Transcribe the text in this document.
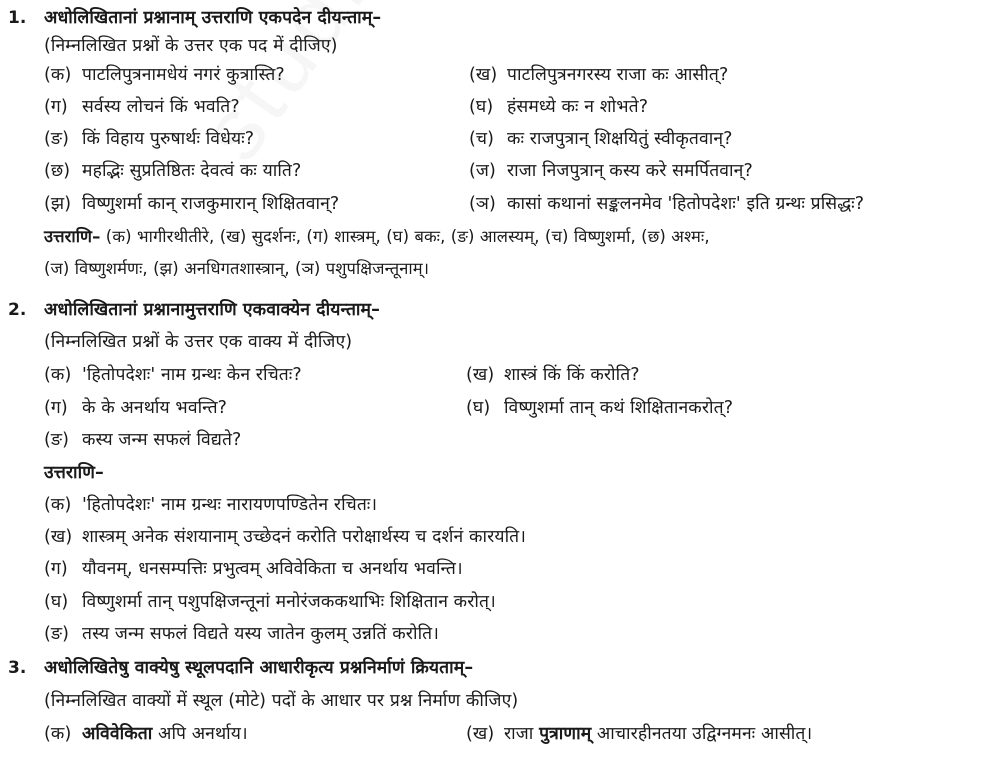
1. अधोलिखितानां प्रश्नानाम् उत्तराणि एकपदेन दीयन्ताम्–
(निम्नलिखित प्रश्नों के उत्तर एक पद में दीजिए)
(क) पाटलिपुत्रनामधेयं नगरं कुत्रास्ति?	(ख) पाटलिपुत्रनगरस्य राजा कः आसीत्?
(ग) सर्वस्य लोचनं किं भवति?	(घ) हंसमध्ये कः न शोभते?
(ङ) किं विहाय पुरुषार्थः विधेयः?	(च) कः राजपुत्रान् शिक्षयितुं स्वीकृतवान्?
(छ) महद्भिः सुप्रतिष्ठितः देवत्वं कः याति?	(ज) राजा निजपुत्रान् कस्य करे समर्पितवान्?
(झ) विष्णुशर्मा कान् राजकुमारान् शिक्षितवान्?	(ञ) कासां कथानां सङ्कलनमेव 'हितोपदेशः' इति ग्रन्थः प्रसिद्धः?
उत्तराणि– (क) भागीरथीतीरे, (ख) सुदर्शनः, (ग) शास्त्रम्, (घ) बकः, (ङ) आलस्यम्, (च) विष्णुशर्मा, (छ) अश्मः,
(ज) विष्णुशर्मणः, (झ) अनधिगतशास्त्रान्, (ञ) पशुपक्षिजन्तूनाम्।
2. अधोलिखितानां प्रश्नानामुत्तराणि एकवाक्येन दीयन्ताम्–
(निम्नलिखित प्रश्नों के उत्तर एक वाक्य में दीजिए)
(क) 'हितोपदेशः' नाम ग्रन्थः केन रचितः?	(ख) शास्त्रं किं किं करोति?
(ग) के के अनर्थाय भवन्ति?	(घ) विष्णुशर्मा तान् कथं शिक्षितानकरोत्?
(ङ) कस्य जन्म सफलं विद्यते?
उत्तराणि–
(क) 'हितोपदेशः' नाम ग्रन्थः नारायणपण्डितेन रचितः।
(ख) शास्त्रम् अनेक संशयानाम् उच्छेदनं करोति परोक्षार्थस्य च दर्शनं कारयति।
(ग) यौवनम्, धनसम्पत्तिः प्रभुत्वम् अविवेकिता च अनर्थाय भवन्ति।
(घ) विष्णुशर्मा तान् पशुपक्षिजन्तूनां मनोरंजककथाभिः शिक्षितान करोत्।
(ङ) तस्य जन्म सफलं विद्यते यस्य जातेन कुलम् उन्नतिं करोति।
3. अधोलिखितेषु वाक्येषु स्थूलपदानि आधारीकृत्य प्रश्ननिर्माणं क्रियताम्–
(निम्नलिखित वाक्यों में स्थूल (मोटे) पदों के आधार पर प्रश्न निर्माण कीजिए)
(क) अविवेकिता अपि अनर्थाय।	(ख) राजा पुत्राणाम् आचारहीनतया उद्विग्नमनः आसीत्।
